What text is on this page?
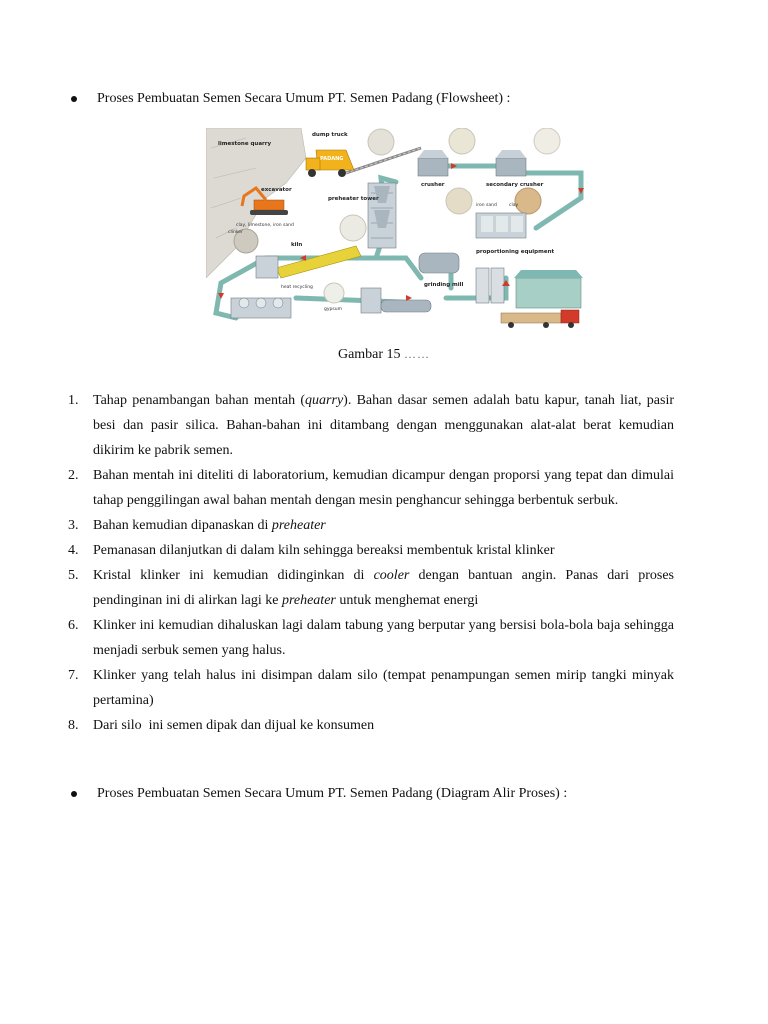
Proses Pembuatan Semen Secara Umum PT. Semen Padang (Flowsheet) :
limestone quarry
PADANG
dump truck
excavator
crusher	secondary crusher
preheater tower
iron sand	clay
clay, limestone, iron sand
clinker
proportioning equipment
kiln
heat recycling	grinding mill
gypsum
Gambar 15 ……
1. Tahap penambangan bahan mentah (quarry). Bahan dasar semen adalah batu kapur, tanah liat, pasir besi dan pasir silica. Bahan-bahan ini ditambang dengan menggunakan alat-alat berat kemudian dikirim ke pabrik semen.
2. Bahan mentah ini diteliti di laboratorium, kemudian dicampur dengan proporsi yang tepat dan dimulai tahap penggilingan awal bahan mentah dengan mesin penghancur sehingga berbentuk serbuk.
3. Bahan kemudian dipanaskan di preheater
4. Pemanasan dilanjutkan di dalam kiln sehingga bereaksi membentuk kristal klinker
5. Kristal klinker ini kemudian didinginkan di cooler dengan bantuan angin. Panas dari proses pendinginan ini di alirkan lagi ke preheater untuk menghemat energi
6. Klinker ini kemudian dihaluskan lagi dalam tabung yang berputar yang bersisi bola-bola baja sehingga menjadi serbuk semen yang halus.
7. Klinker yang telah halus ini disimpan dalam silo (tempat penampungan semen mirip tangki minyak pertamina)
8. Dari silo  ini semen dipak dan dijual ke konsumen
Proses Pembuatan Semen Secara Umum PT. Semen Padang (Diagram Alir Proses) :
